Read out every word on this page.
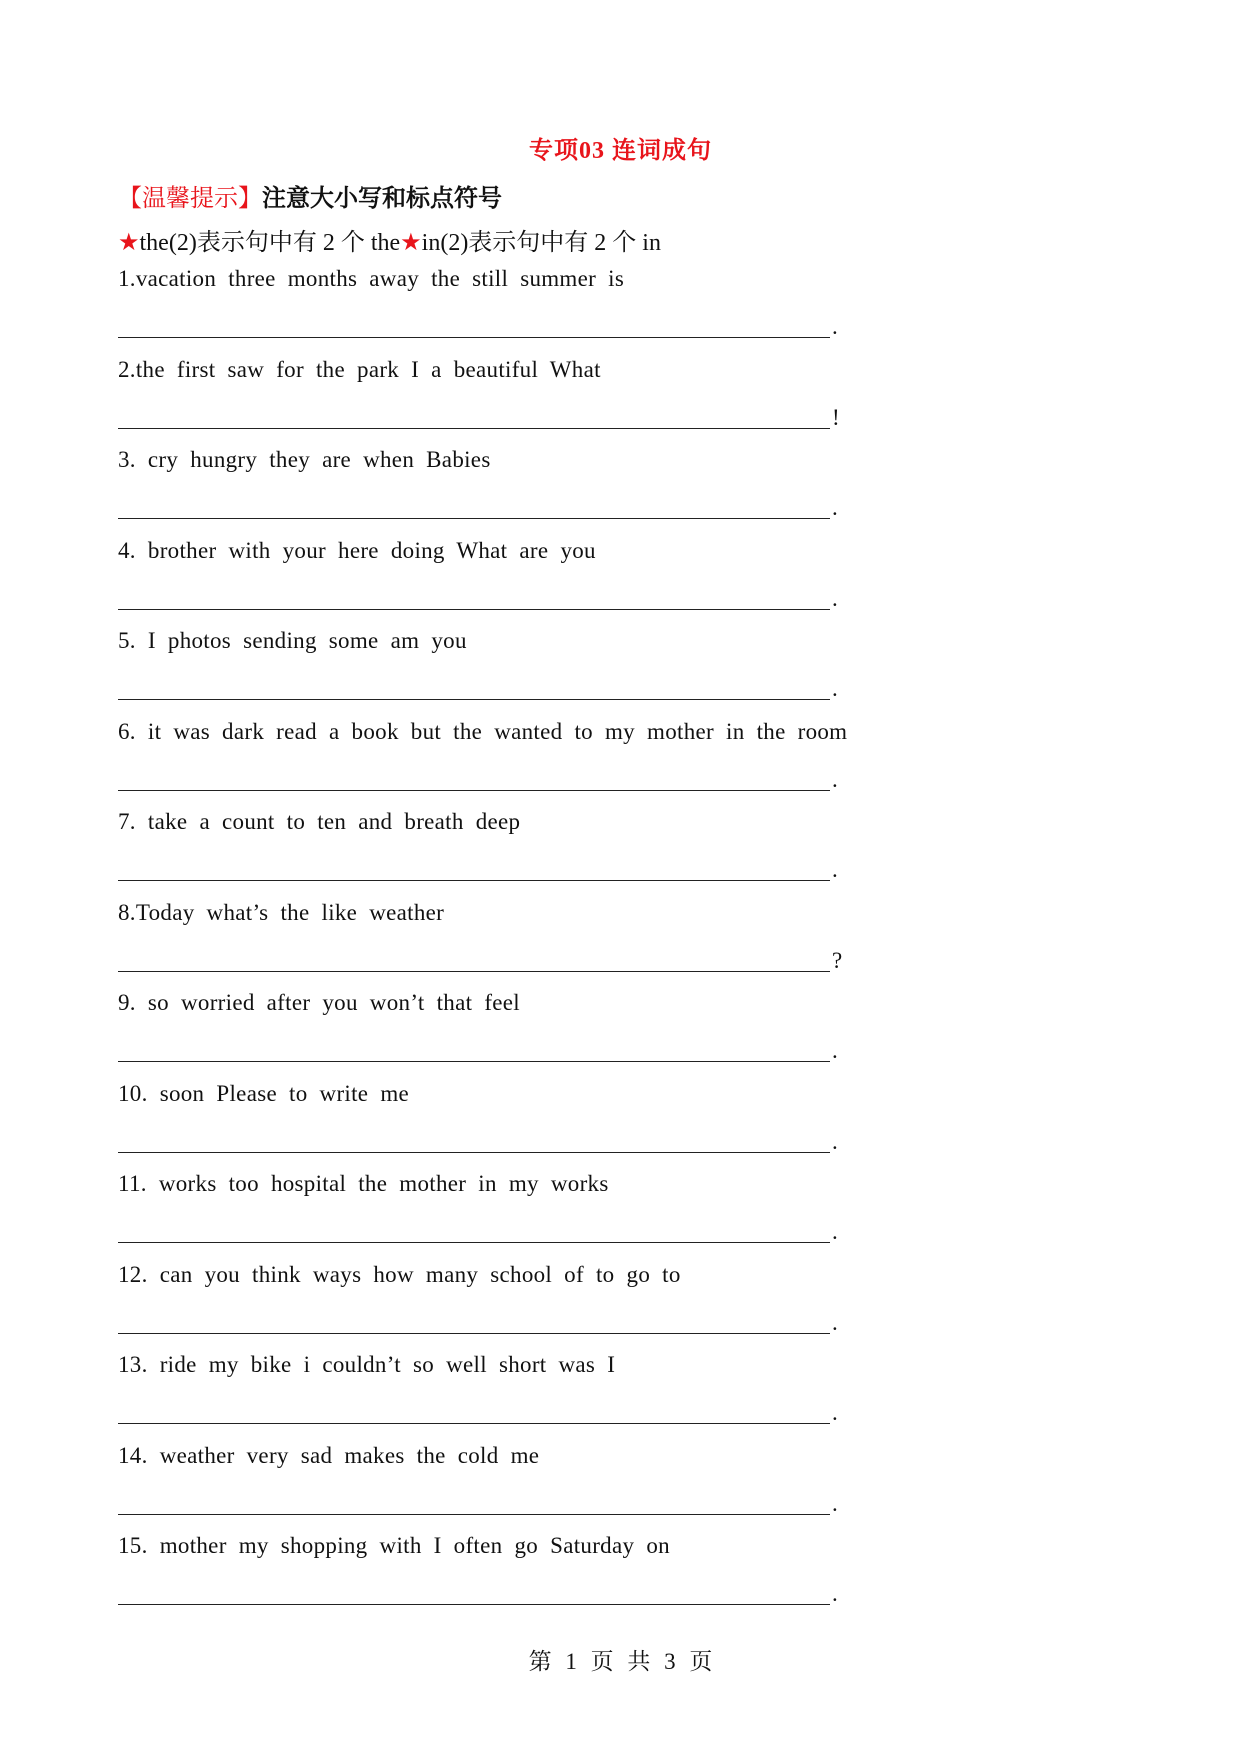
专项03 连词成句
【温馨提示】注意大小写和标点符号
★the(2)表示句中有 2 个 the★in(2)表示句中有 2 个 in
1.vacation three months away the still summer is
.
2.the first saw for the park I a beautiful What
!
3. cry hungry they are when Babies
.
4. brother with your here doing What are you
.
5. I photos sending some am you
.
6. it was dark read a book but the wanted to my mother in the room
.
7. take a count to ten and breath deep
.
8.Today what’s the like weather
?
9. so worried after you won’t that feel
.
10. soon Please to write me
.
11. works too hospital the mother in my works
.
12. can you think ways how many school of to go to
.
13. ride my bike i couldn’t so well short was I
.
14. weather very sad makes the cold me
.
15. mother my shopping with I often go Saturday on
.
第 1 页 共 3 页
